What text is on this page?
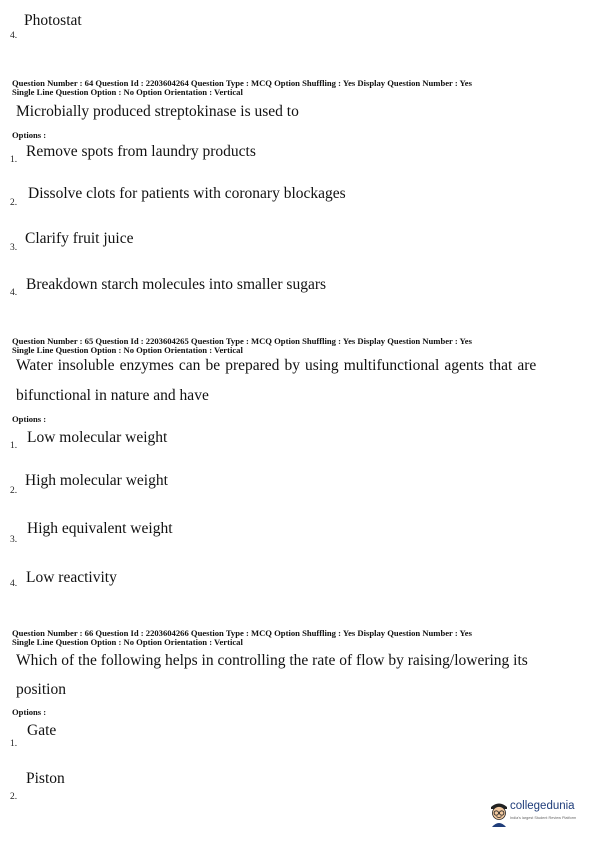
Photostat
4.
Question Number : 64 Question Id : 2203604264 Question Type : MCQ Option Shuffling : Yes Display Question Number : Yes
Single Line Question Option : No Option Orientation : Vertical
Microbially produced streptokinase is used to
Options :
Remove spots from laundry products
1.
Dissolve clots for patients with coronary blockages
2.
Clarify fruit juice
3.
Breakdown starch molecules into smaller sugars
4.
Question Number : 65 Question Id : 2203604265 Question Type : MCQ Option Shuffling : Yes Display Question Number : Yes
Single Line Question Option : No Option Orientation : Vertical
Water insoluble enzymes can be prepared by using multifunctional agents that are
bifunctional in nature and have
Options :
Low molecular weight
1.
High molecular weight
2.
High equivalent weight
3.
Low reactivity
4.
Question Number : 66 Question Id : 2203604266 Question Type : MCQ Option Shuffling : Yes Display Question Number : Yes
Single Line Question Option : No Option Orientation : Vertical
Which of the following helps in controlling the rate of flow by raising/lowering its
position
Options :
Gate
1.
Piston
2.
collegedunia
India's largest Student Review Platform
